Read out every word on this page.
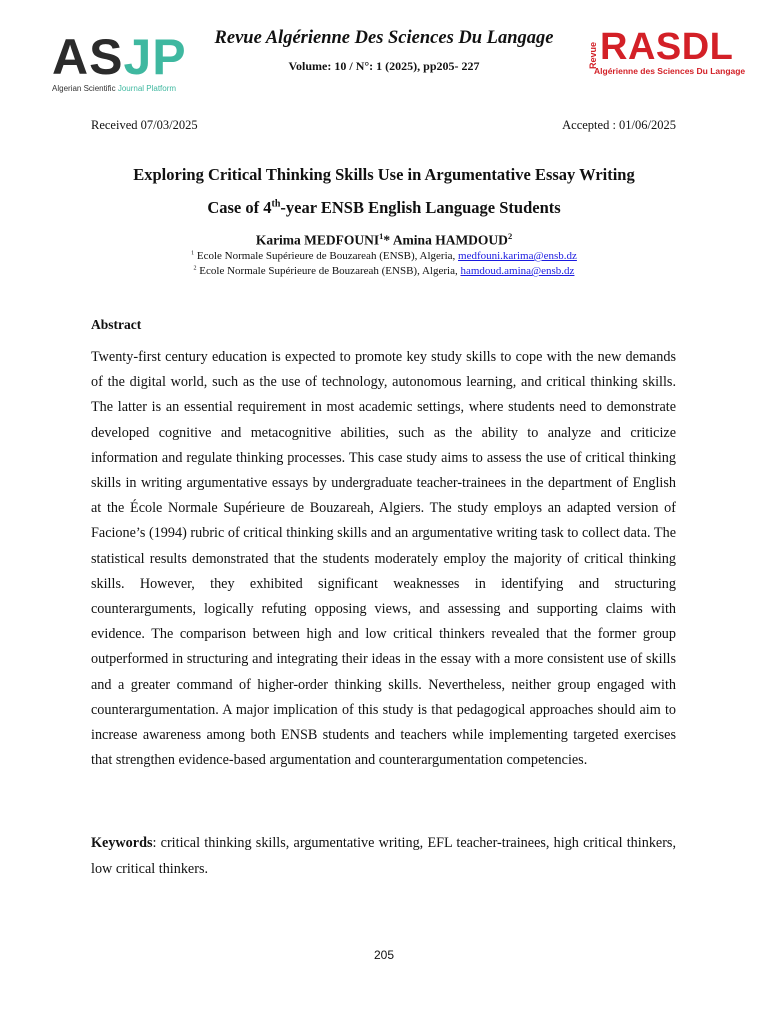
ASJP
Algerian Scientific Journal Platform
Revue Algérienne Des Sciences Du Langage
Volume: 10 / N°: 1 (2025), pp205- 227	Revue RASDL
Algérienne des Sciences Du Langage
Received 07/03/2025	Accepted : 01/06/2025
Exploring Critical Thinking Skills Use in Argumentative Essay Writing
Case of 4th-year ENSB English Language Students
Karima MEDFOUNI$^1$* Amina HAMDOUD$^2$
$^1$ Ecole Normale Supérieure de Bouzareah (ENSB), Algeria, medfouni.karima@ensb.dz
$^2$ Ecole Normale Supérieure de Bouzareah (ENSB), Algeria, hamdoud.amina@ensb.dz
Abstract
Twenty-first century education is expected to promote key study skills to cope with the new demands of the digital world, such as the use of technology, autonomous learning, and critical thinking skills. The latter is an essential requirement in most academic settings, where students need to demonstrate developed cognitive and metacognitive abilities, such as the ability to analyze and criticize information and regulate thinking processes. This case study aims to assess the use of critical thinking skills in writing argumentative essays by undergraduate teacher-trainees in the department of English at the École Normale Supérieure de Bouzareah, Algiers. The study employs an adapted version of Facione’s (1994) rubric of critical thinking skills and an argumentative writing task to collect data. The statistical results demonstrated that the students moderately employ the majority of critical thinking skills. However, they exhibited significant weaknesses in identifying and structuring counterarguments, logically refuting opposing views, and assessing and supporting claims with evidence. The comparison between high and low critical thinkers revealed that the former group outperformed in structuring and integrating their ideas in the essay with a more consistent use of skills and a greater command of higher-order thinking skills. Nevertheless, neither group engaged with counterargumentation. A major implication of this study is that pedagogical approaches should aim to increase awareness among both ENSB students and teachers while implementing targeted exercises that strengthen evidence-based argumentation and counterargumentation competencies.
Keywords: critical thinking skills, argumentative writing, EFL teacher-trainees, high critical thinkers, low critical thinkers.
205
